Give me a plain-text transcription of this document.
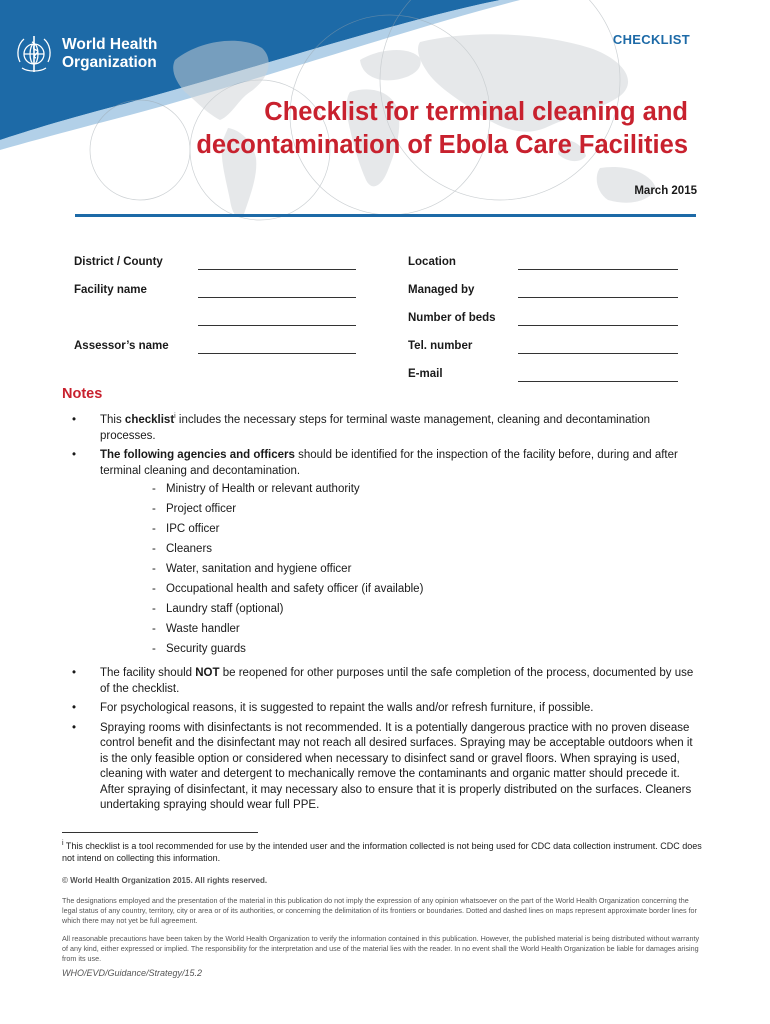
World Health
Organization
CHECKLIST
Checklist for terminal cleaning and
decontamination of Ebola Care Facilities
March 2015
District / County
Facility name
Assessor’s name
Location
Managed by
Number of beds
Tel. number
E-mail
Notes
• This checklist$^i$ includes the necessary steps for terminal waste management, cleaning and decontamination processes.
• The following agencies and officers should be identified for the inspection of the facility before, during and after terminal cleaning and decontamination.
- Ministry of Health or relevant authority
- Project officer
- IPC officer
- Cleaners
- Water, sanitation and hygiene officer
- Occupational health and safety officer (if available)
- Laundry staff (optional)
- Waste handler
- Security guards
• The facility should NOT be reopened for other purposes until the safe completion of the process, documented by use of the checklist.
• For psychological reasons, it is suggested to repaint the walls and/or refresh furniture, if possible.
• Spraying rooms with disinfectants is not recommended. It is a potentially dangerous practice with no proven disease control benefit and the disinfectant may not reach all desired surfaces. Spraying may be acceptable outdoors when it is the only feasible option or considered when necessary to disinfect sand or gravel floors. When spraying is used, cleaning with water and detergent to mechanically remove the contaminants and organic matter should precede it. After spraying of disinfectant, it may necessary also to ensure that it is properly distributed on the surfaces. Cleaners undertaking spraying should wear full PPE.
$^i$ This checklist is a tool recommended for use by the intended user and the information collected is not being used for CDC data collection instrument. CDC does not intend on collecting this information.
© World Health Organization 2015. All rights reserved.
The designations employed and the presentation of the material in this publication do not imply the expression of any opinion whatsoever on the part of the World Health Organization concerning the legal status of any country, territory, city or area or of its authorities, or concerning the delimitation of its frontiers or boundaries. Dotted and dashed lines on maps represent approximate border lines for which there may not yet be full agreement.
All reasonable precautions have been taken by the World Health Organization to verify the information contained in this publication. However, the published material is being distributed without warranty of any kind, either expressed or implied. The responsibility for the interpretation and use of the material lies with the reader. In no event shall the World Health Organization be liable for damages arising from its use.
WHO/EVD/Guidance/Strategy/15.2
